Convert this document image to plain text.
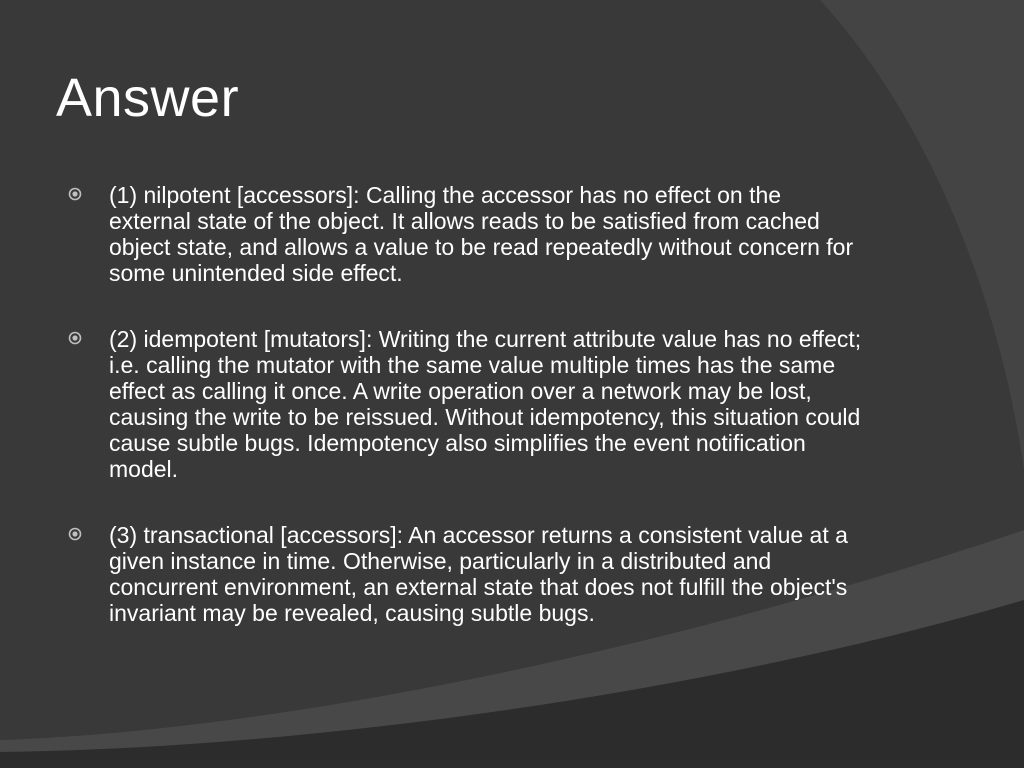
Answer
(1) nilpotent [accessors]: Calling the accessor has no effect on the external state of the object. It allows reads to be satisfied from cached object state, and allows a value to be read repeatedly without concern for some unintended side effect.
(2) idempotent [mutators]: Writing the current attribute value has no effect; i.e. calling the mutator with the same value multiple times has the same effect as calling it once. A write operation over a network may be lost, causing the write to be reissued. Without idempotency, this situation could cause subtle bugs. Idempotency also simplifies the event notification model.
(3) transactional [accessors]: An accessor returns a consistent value at a given instance in time. Otherwise, particularly in a distributed and concurrent environment, an external state that does not fulfill the object's invariant may be revealed, causing subtle bugs.
